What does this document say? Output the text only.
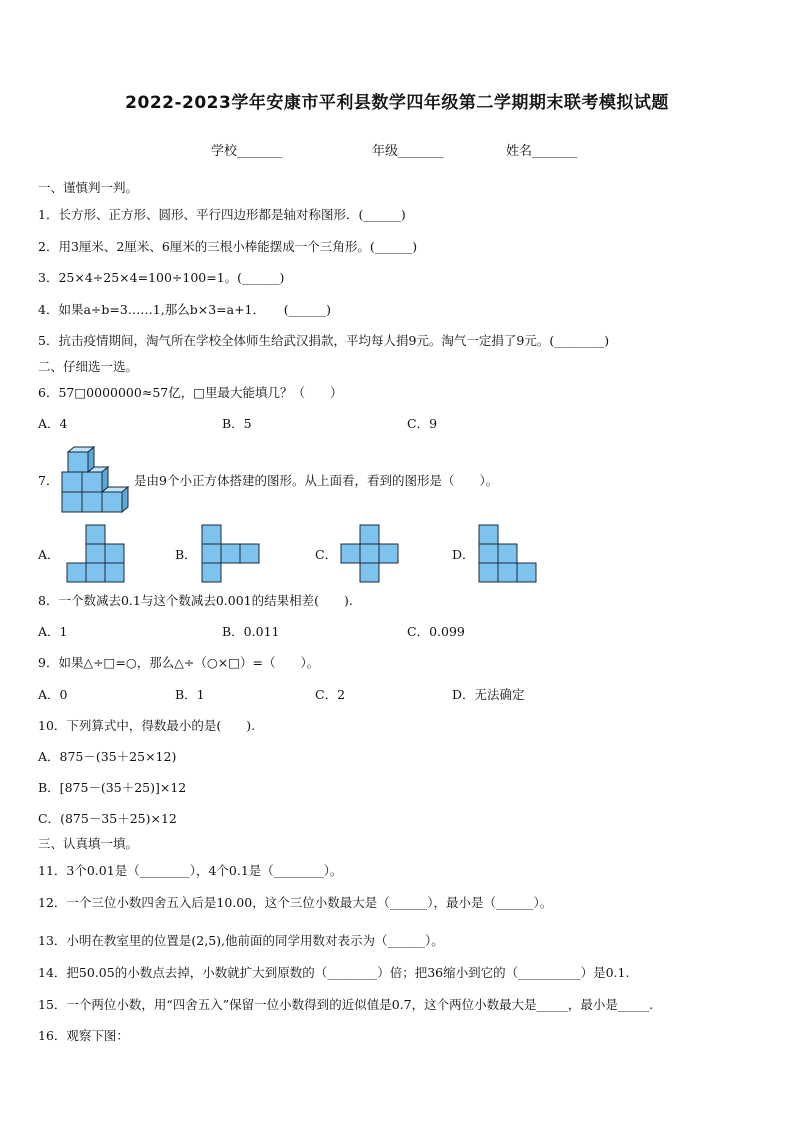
2022-2023学年安康市平利县数学四年级第二学期期末联考模拟试题
学校_______	年级_______	姓名_______
一、谨慎判一判。
1．长方形、正方形、圆形、平行四边形都是轴对称图形．(______)
2．用3厘米、2厘米、6厘米的三根小棒能摆成一个三角形。(______)
3．25×4÷25×4=100÷100=1。(______)
4．如果a÷b=3……1,那么b×3=a+1．　　(______)
5．抗击疫情期间，淘气所在学校全体师生给武汉捐款，平均每人捐9元。淘气一定捐了9元。(________)
二、仔细选一选。
6．57□0000000≈57亿，□里最大能填几？（　　）
A．4	B．5	C．9
7．	是由9个小正方体搭建的图形。从上面看，看到的图形是（　　）。
A．	B．	C．	D．
8．一个数减去0.1与这个数减去0.001的结果相差(　　).
A．1	B．0.011	C．0.099
9．如果△÷□=○，那么△÷（○×□）=（　　）。
A．0	B．1	C．2	D．无法确定
10．下列算式中，得数最小的是(　　).
A．875－(35＋25×12)
B．[875－(35＋25)]×12
C．(875－35＋25)×12
三、认真填一填。
11．3个0.01是（________），4个0.1是（________）。
12．一个三位小数四舍五入后是10.00，这个三位小数最大是（______），最小是（______）。
13．小明在教室里的位置是(2,5),他前面的同学用数对表示为（______）。
14．把50.05的小数点去掉，小数就扩大到原数的（________）倍；把36缩小到它的（__________）是0.1.
15．一个两位小数，用“四舍五入”保留一位小数得到的近似值是0.7，这个两位小数最大是_____，最小是_____.
16．观察下图：
